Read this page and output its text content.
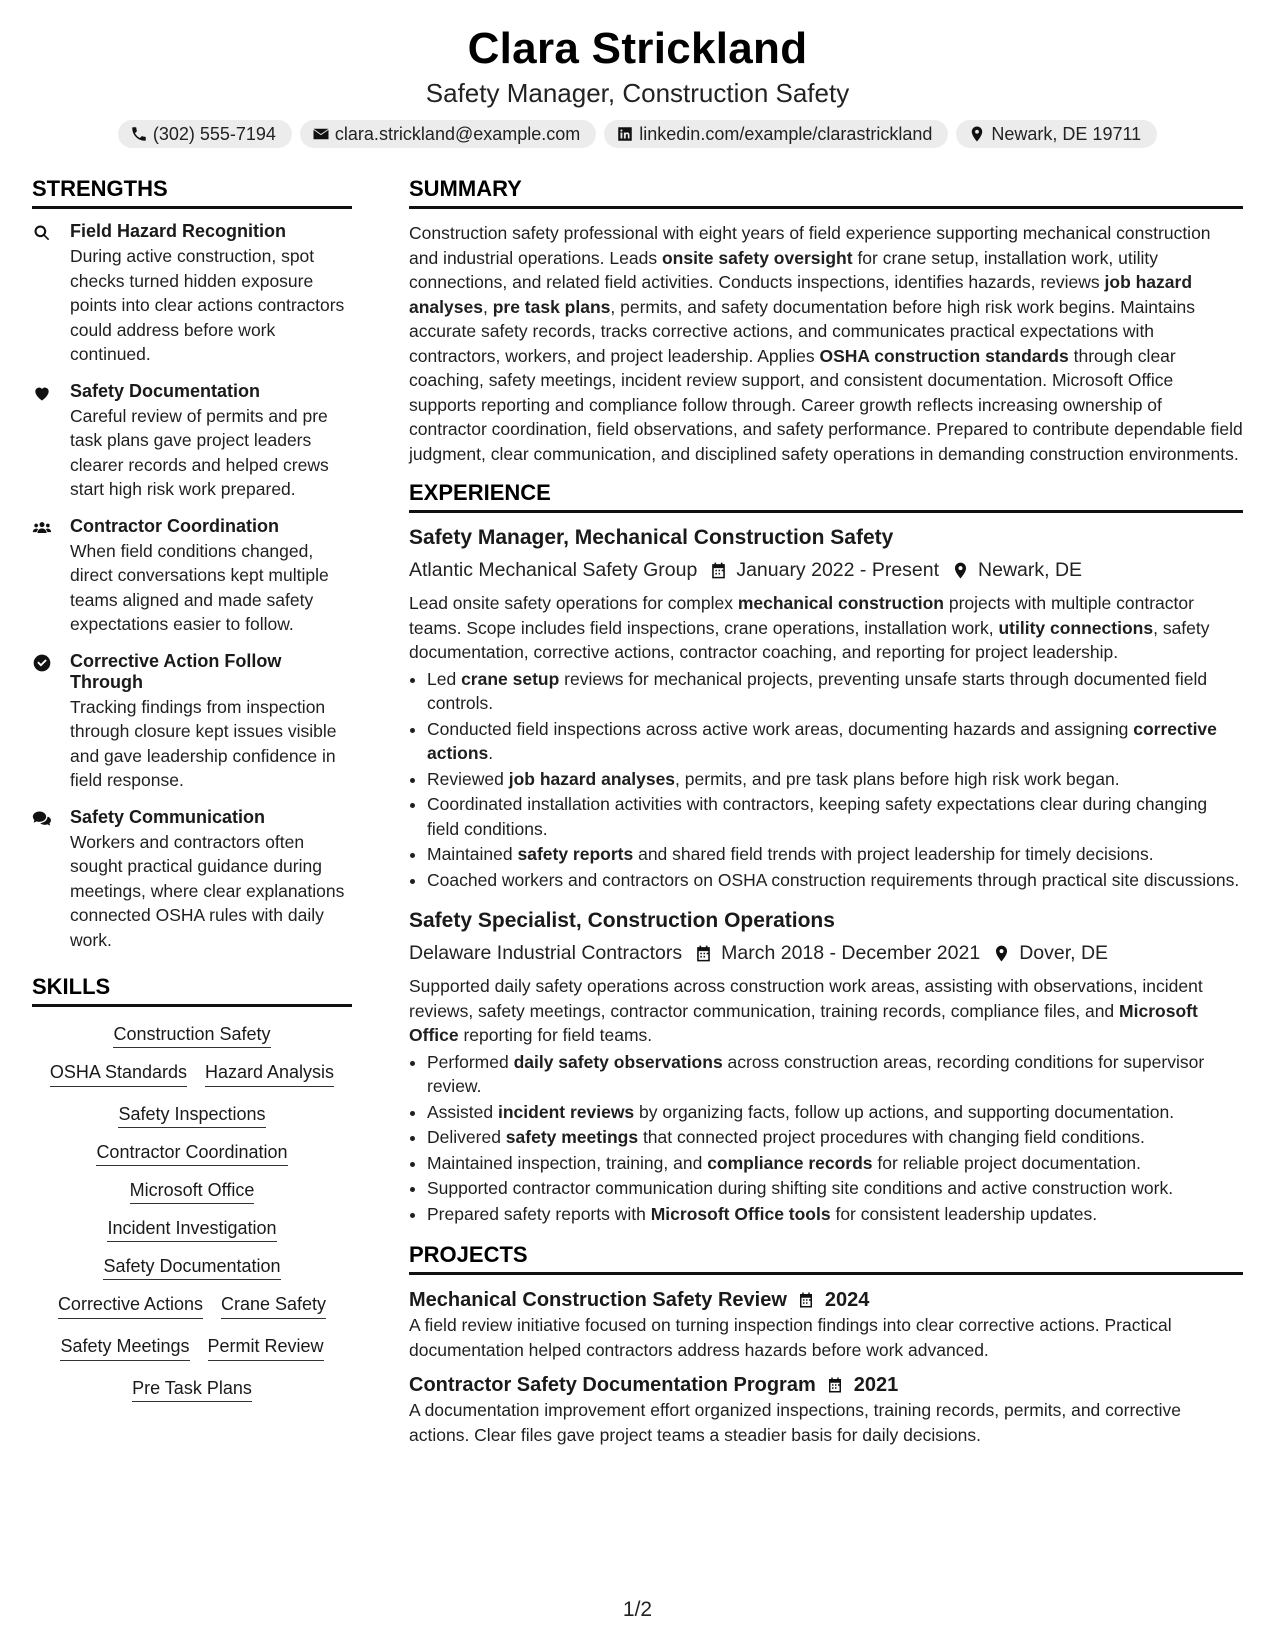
Clara Strickland
Safety Manager, Construction Safety
(302) 555-7194	clara.strickland@example.com	linkedin.com/example/clarastrickland	Newark, DE 19711
STRENGTHS
Field Hazard Recognition
During active construction, spot checks turned hidden exposure points into clear actions contractors could address before work continued.
Safety Documentation
Careful review of permits and pre task plans gave project leaders clearer records and helped crews start high risk work prepared.
Contractor Coordination
When field conditions changed, direct conversations kept multiple teams aligned and made safety expectations easier to follow.
Corrective Action Follow Through
Tracking findings from inspection through closure kept issues visible and gave leadership confidence in field response.
Safety Communication
Workers and contractors often sought practical guidance during meetings, where clear explanations connected OSHA rules with daily work.
SKILLS
Construction Safety
OSHA Standards Hazard Analysis
Safety Inspections
Contractor Coordination
Microsoft Office
Incident Investigation
Safety Documentation
Corrective Actions Crane Safety
Safety Meetings Permit Review
Pre Task Plans
SUMMARY
Construction safety professional with eight years of field experience supporting mechanical construction and industrial operations. Leads onsite safety oversight for crane setup, installation work, utility connections, and related field activities. Conducts inspections, identifies hazards, reviews job hazard analyses, pre task plans, permits, and safety documentation before high risk work begins. Maintains accurate safety records, tracks corrective actions, and communicates practical expectations with contractors, workers, and project leadership. Applies OSHA construction standards through clear coaching, safety meetings, incident review support, and consistent documentation. Microsoft Office supports reporting and compliance follow through. Career growth reflects increasing ownership of contractor coordination, field observations, and safety performance. Prepared to contribute dependable field judgment, clear communication, and disciplined safety operations in demanding construction environments.
EXPERIENCE
Safety Manager, Mechanical Construction Safety
Atlantic Mechanical Safety Group January 2022 - Present Newark, DE
Lead onsite safety operations for complex mechanical construction projects with multiple contractor teams. Scope includes field inspections, crane operations, installation work, utility connections, safety documentation, corrective actions, contractor coaching, and reporting for project leadership.
• Led crane setup reviews for mechanical projects, preventing unsafe starts through documented field controls.
• Conducted field inspections across active work areas, documenting hazards and assigning corrective actions.
• Reviewed job hazard analyses, permits, and pre task plans before high risk work began.
• Coordinated installation activities with contractors, keeping safety expectations clear during changing field conditions.
• Maintained safety reports and shared field trends with project leadership for timely decisions.
• Coached workers and contractors on OSHA construction requirements through practical site discussions.
Safety Specialist, Construction Operations
Delaware Industrial Contractors March 2018 - December 2021 Dover, DE
Supported daily safety operations across construction work areas, assisting with observations, incident reviews, safety meetings, contractor communication, training records, compliance files, and Microsoft Office reporting for field teams.
• Performed daily safety observations across construction areas, recording conditions for supervisor review.
• Assisted incident reviews by organizing facts, follow up actions, and supporting documentation.
• Delivered safety meetings that connected project procedures with changing field conditions.
• Maintained inspection, training, and compliance records for reliable project documentation.
• Supported contractor communication during shifting site conditions and active construction work.
• Prepared safety reports with Microsoft Office tools for consistent leadership updates.
PROJECTS
Mechanical Construction Safety Review 2024
A field review initiative focused on turning inspection findings into clear corrective actions. Practical documentation helped contractors address hazards before work advanced.
Contractor Safety Documentation Program 2021
A documentation improvement effort organized inspections, training records, permits, and corrective actions. Clear files gave project teams a steadier basis for daily decisions.
1/2
